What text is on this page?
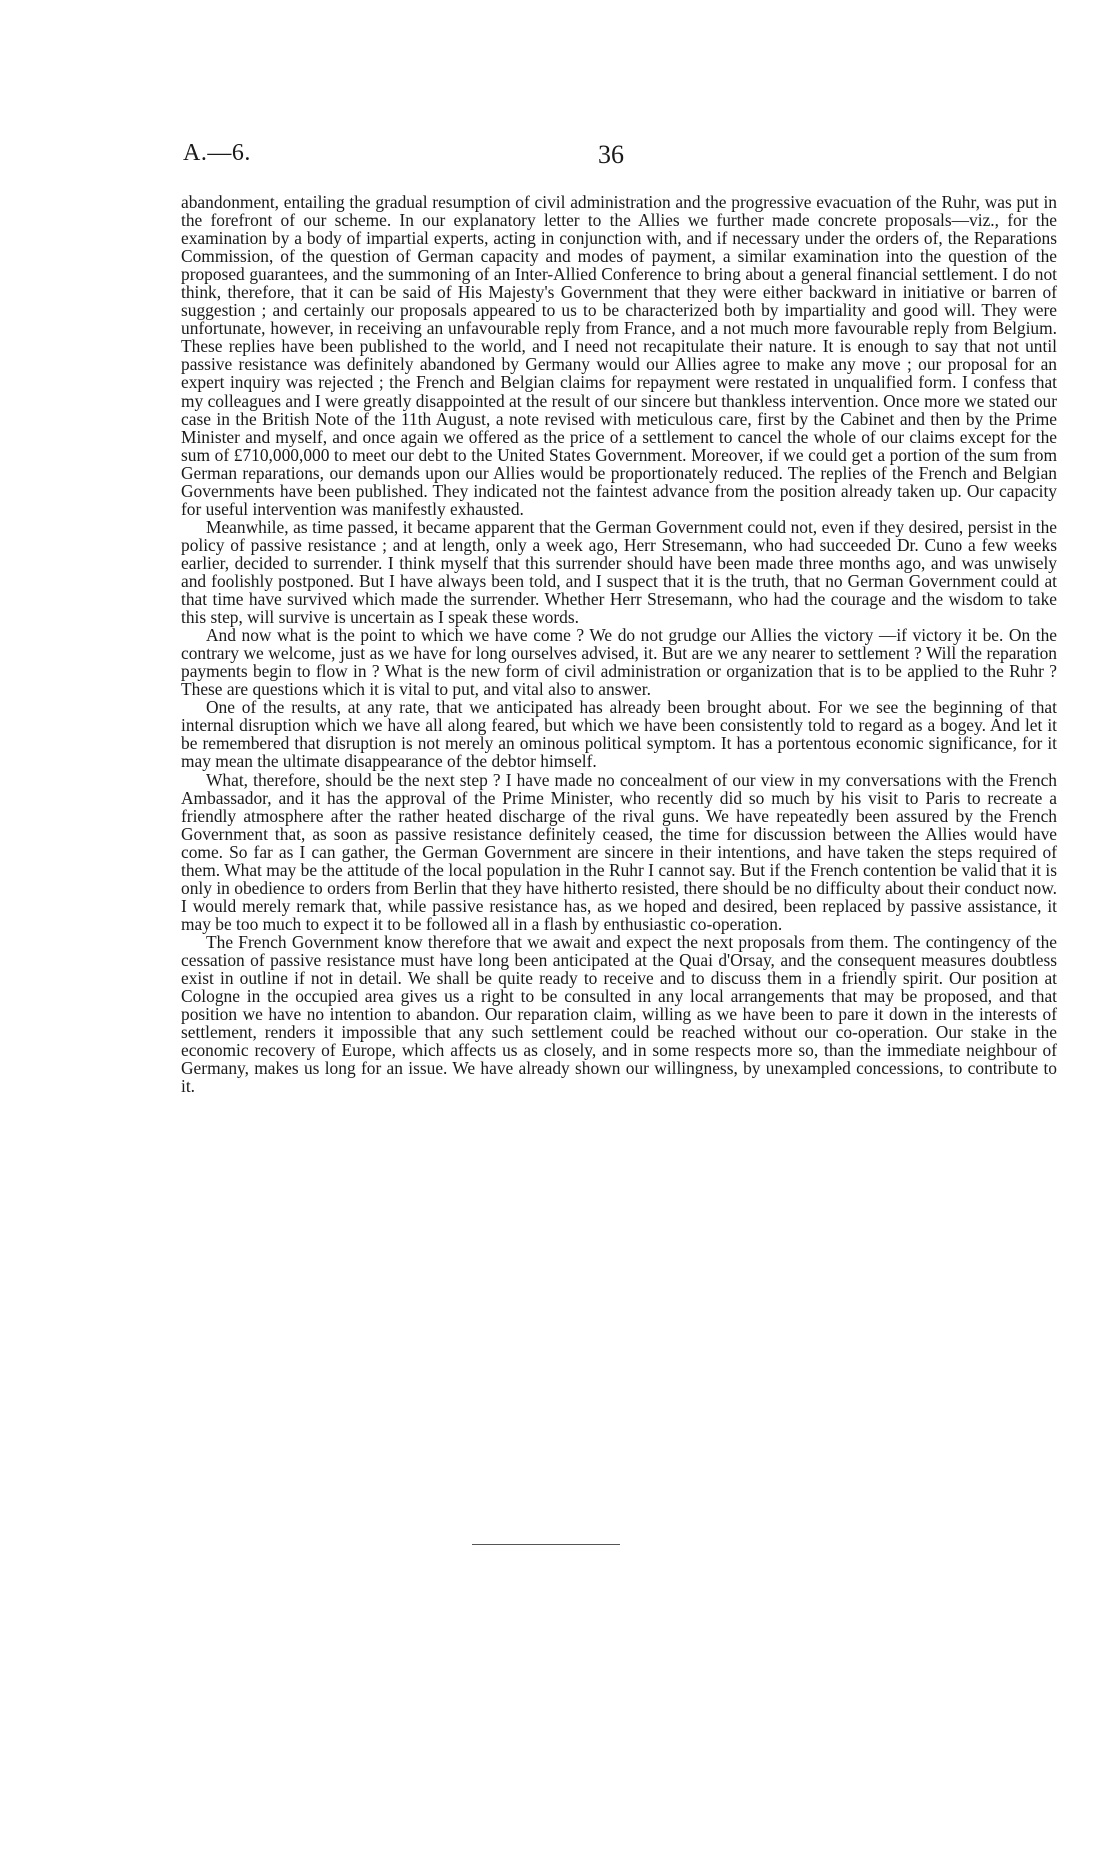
A.—6.	36

abandonment, entailing the gradual resumption of civil administration and the progressive evacuation of the Ruhr, was put in the forefront of our scheme. In our explanatory letter to the Allies we further made concrete proposals—viz., for the examination by a body of impartial experts, acting in conjunction with, and if necessary under the orders of, the Reparations Commission, of the question of German capacity and modes of payment, a similar examination into the question of the proposed guarantees, and the summoning of an Inter-Allied Conference to bring about a general financial settlement. I do not think, therefore, that it can be said of His Majesty's Government that they were either backward in initiative or barren of suggestion ; and certainly our proposals appeared to us to be characterized both by impartiality and good will. They were unfortunate, however, in receiving an unfavourable reply from France, and a not much more favourable reply from Belgium. These replies have been published to the world, and I need not recapitulate their nature. It is enough to say that not until passive resistance was definitely abandoned by Germany would our Allies agree to make any move ; our proposal for an expert inquiry was rejected ; the French and Belgian claims for repayment were restated in unqualified form. I confess that my colleagues and I were greatly disappointed at the result of our sincere but thankless intervention. Once more we stated our case in the British Note of the 11th August, a note revised with meticulous care, first by the Cabinet and then by the Prime Minister and myself, and once again we offered as the price of a settlement to cancel the whole of our claims except for the sum of £710,000,000 to meet our debt to the United States Government. Moreover, if we could get a portion of the sum from German reparations, our demands upon our Allies would be proportionately reduced. The replies of the French and Belgian Governments have been published. They indicated not the faintest advance from the position already taken up. Our capacity for useful intervention was manifestly exhausted.

Meanwhile, as time passed, it became apparent that the German Government could not, even if they desired, persist in the policy of passive resistance ; and at length, only a week ago, Herr Stresemann, who had succeeded Dr. Cuno a few weeks earlier, decided to surrender. I think myself that this surrender should have been made three months ago, and was unwisely and foolishly postponed. But I have always been told, and I suspect that it is the truth, that no German Government could at that time have survived which made the surrender. Whether Herr Stresemann, who had the courage and the wisdom to take this step, will survive is uncertain as I speak these words.

And now what is the point to which we have come ? We do not grudge our Allies the victory —if victory it be. On the contrary we welcome, just as we have for long ourselves advised, it. But are we any nearer to settlement ? Will the reparation payments begin to flow in ? What is the new form of civil administration or organization that is to be applied to the Ruhr ? These are questions which it is vital to put, and vital also to answer.

One of the results, at any rate, that we anticipated has already been brought about. For we see the beginning of that internal disruption which we have all along feared, but which we have been consistently told to regard as a bogey. And let it be remembered that disruption is not merely an ominous political symptom. It has a portentous economic significance, for it may mean the ultimate disappearance of the debtor himself.

What, therefore, should be the next step ? I have made no concealment of our view in my conversations with the French Ambassador, and it has the approval of the Prime Minister, who recently did so much by his visit to Paris to recreate a friendly atmosphere after the rather heated discharge of the rival guns. We have repeatedly been assured by the French Government that, as soon as passive resistance definitely ceased, the time for discussion between the Allies would have come. So far as I can gather, the German Government are sincere in their intentions, and have taken the steps required of them. What may be the attitude of the local population in the Ruhr I cannot say. But if the French contention be valid that it is only in obedience to orders from Berlin that they have hitherto resisted, there should be no difficulty about their conduct now. I would merely remark that, while passive resistance has, as we hoped and desired, been replaced by passive assistance, it may be too much to expect it to be followed all in a flash by enthusiastic co-operation.

The French Government know therefore that we await and expect the next proposals from them. The contingency of the cessation of passive resistance must have long been anticipated at the Quai d'Orsay, and the consequent measures doubtless exist in outline if not in detail. We shall be quite ready to receive and to discuss them in a friendly spirit. Our position at Cologne in the occupied area gives us a right to be consulted in any local arrangements that may be proposed, and that position we have no intention to abandon. Our reparation claim, willing as we have been to pare it down in the interests of settlement, renders it impossible that any such settlement could be reached without our co-operation. Our stake in the economic recovery of Europe, which affects us as closely, and in some respects more so, than the immediate neighbour of Germany, makes us long for an issue. We have already shown our willingness, by unexampled concessions, to contribute to it.
